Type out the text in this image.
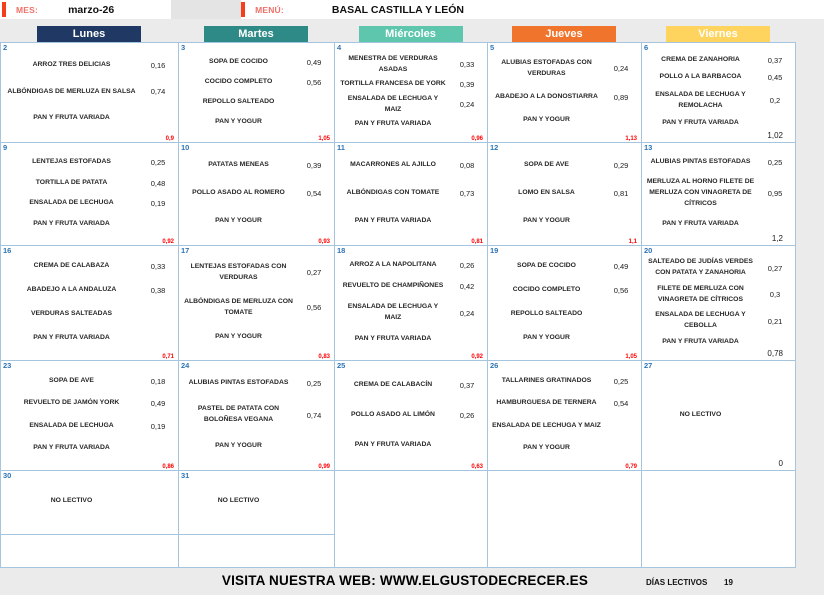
MES:	marzo-26	MENÚ:	BASAL CASTILLA Y LEÓN
Lunes	Martes	Miércoles	Jueves	Viernes
2
ARROZ TRES DELICIAS	0,16
ALBÓNDIGAS DE MERLUZA EN SALSA	0,74
PAN Y FRUTA VARIADA
0,9
3
SOPA DE COCIDO	0,49
COCIDO COMPLETO	0,56
REPOLLO SALTEADO
PAN Y YOGUR
1,05
4
MENESTRA DE VERDURAS ASADAS	0,33
TORTILLA FRANCESA DE YORK	0,39
ENSALADA DE LECHUGA Y MAIZ	0,24
PAN Y FRUTA VARIADA
0,96
5
ALUBIAS ESTOFADAS CON VERDURAS	0,24
ABADEJO A LA DONOSTIARRA	0,89
PAN Y YOGUR
1,13
6
CREMA DE ZANAHORIA	0,37
POLLO A LA BARBACOA	0,45
ENSALADA DE LECHUGA Y REMOLACHA	0,2
PAN Y FRUTA VARIADA
1,02
9
LENTEJAS ESTOFADAS	0,25
TORTILLA DE PATATA	0,48
ENSALADA DE LECHUGA	0,19
PAN Y FRUTA VARIADA
0,92
10
PATATAS MENEAS	0,39
POLLO ASADO AL ROMERO	0,54
PAN Y YOGUR
0,93
11
MACARRONES AL AJILLO	0,08
ALBÓNDIGAS CON TOMATE	0,73
PAN Y FRUTA VARIADA
0,81
12
SOPA DE AVE	0,29
LOMO EN SALSA	0,81
PAN Y YOGUR
1,1
13
ALUBIAS PINTAS ESTOFADAS	0,25
MERLUZA AL HORNO FILETE DE MERLUZA CON VINAGRETA DE CÍTRICOS
0,95
PAN Y FRUTA VARIADA
1,2
16
CREMA DE CALABAZA	0,33
ABADEJO A LA ANDALUZA	0,38
VERDURAS SALTEADAS
PAN Y FRUTA VARIADA
0,71
17
LENTEJAS ESTOFADAS CON VERDURAS	0,27
ALBÓNDIGAS DE MERLUZA CON TOMATE	0,56
PAN Y YOGUR
0,83
18
ARROZ A LA NAPOLITANA	0,26
REVUELTO DE CHAMPIÑONES	0,42
ENSALADA DE LECHUGA Y MAIZ	0,24
PAN Y FRUTA VARIADA
0,92
19
SOPA DE COCIDO	0,49
COCIDO COMPLETO	0,56
REPOLLO SALTEADO
PAN Y YOGUR
1,05
20
SALTEADO DE JUDÍAS VERDES CON PATATA Y ZANAHORIA	0,27
FILETE DE MERLUZA CON VINAGRETA DE CÍTRICOS	0,3
ENSALADA DE LECHUGA Y CEBOLLA	0,21
PAN Y FRUTA VARIADA
0,78
23
SOPA DE AVE	0,18
REVUELTO DE JAMÓN YORK	0,49
ENSALADA DE LECHUGA	0,19
PAN Y FRUTA VARIADA
0,86
24
ALUBIAS PINTAS ESTOFADAS	0,25
PASTEL DE PATATA CON BOLOÑESA VEGANA	0,74
PAN Y YOGUR
0,99
25
CREMA DE CALABACÍN	0,37
POLLO ASADO AL LIMÓN	0,26
PAN Y FRUTA VARIADA
0,63
26
TALLARINES GRATINADOS	0,25
HAMBURGUESA DE TERNERA	0,54
ENSALADA DE LECHUGA Y MAIZ
PAN Y YOGUR
0,79
27
NO LECTIVO
0
30
NO LECTIVO
31
NO LECTIVO
VISITA NUESTRA WEB: WWW.ELGUSTODECRECER.ES	DÍAS LECTIVOS 19
